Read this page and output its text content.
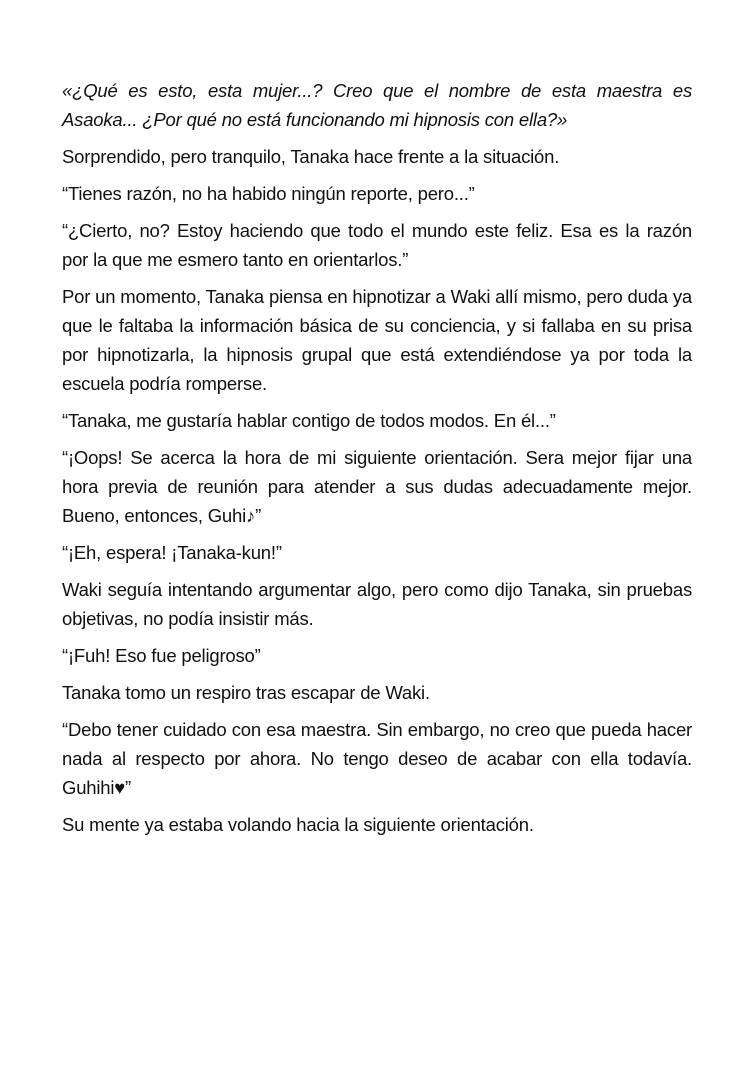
«¿Qué es esto, esta mujer...? Creo que el nombre de esta maestra es Asaoka... ¿Por qué no está funcionando mi hipnosis con ella?»

Sorprendido, pero tranquilo, Tanaka hace frente a la situación.

“Tienes razón, no ha habido ningún reporte, pero...”

“¿Cierto, no? Estoy haciendo que todo el mundo este feliz. Esa es la razón por la que me esmero tanto en orientarlos.”

Por un momento, Tanaka piensa en hipnotizar a Waki allí mismo, pero duda ya que le faltaba la información básica de su conciencia, y si fallaba en su prisa por hipnotizarla, la hipnosis grupal que está extendiéndose ya por toda la escuela podría romperse.

“Tanaka, me gustaría hablar contigo de todos modos. En él...”

“¡Oops! Se acerca la hora de mi siguiente orientación. Sera mejor fijar una hora previa de reunión para atender a sus dudas adecuadamente mejor. Bueno, entonces, Guhi♪”

“¡Eh, espera! ¡Tanaka-kun!”

Waki seguía intentando argumentar algo, pero como dijo Tanaka, sin pruebas objetivas, no podía insistir más.

“¡Fuh! Eso fue peligroso”

Tanaka tomo un respiro tras escapar de Waki.

“Debo tener cuidado con esa maestra. Sin embargo, no creo que pueda hacer nada al respecto por ahora. No tengo deseo de acabar con ella todavía. Guhihi♥”

Su mente ya estaba volando hacia la siguiente orientación.
